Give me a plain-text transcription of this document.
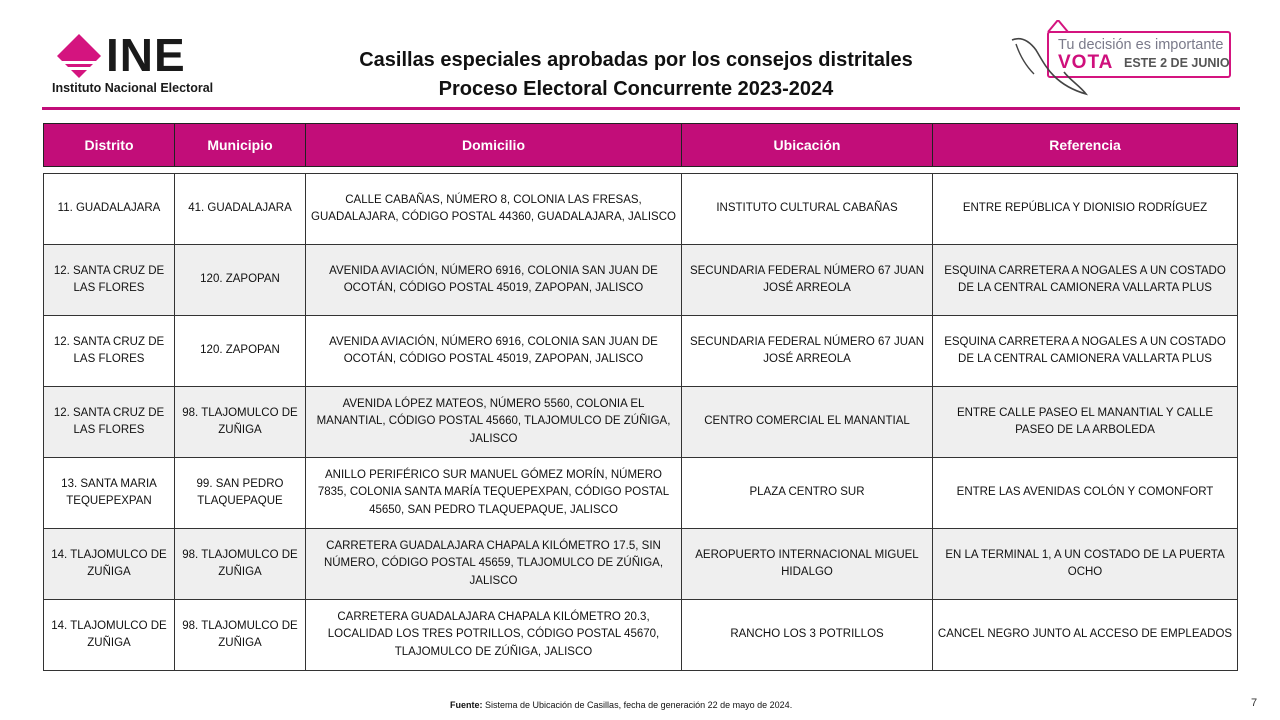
INE
Instituto Nacional Electoral
Casillas especiales aprobadas por los consejos distritales
Proceso Electoral Concurrente 2023-2024
Tu decisión es importante
VOTA ESTE 2 DE JUNIO
Distrito	Municipio	Domicilio	Ubicación	Referencia
11. GUADALAJARA	41. GUADALAJARA	CALLE CABAÑAS, NÚMERO 8, COLONIA LAS FRESAS, GUADALAJARA, CÓDIGO POSTAL 44360, GUADALAJARA, JALISCO	INSTITUTO CULTURAL CABAÑAS	ENTRE REPÚBLICA Y DIONISIO RODRÍGUEZ
12. SANTA CRUZ DE LAS FLORES	120. ZAPOPAN	AVENIDA AVIACIÓN, NÚMERO 6916, COLONIA SAN JUAN DE OCOTÁN, CÓDIGO POSTAL 45019, ZAPOPAN, JALISCO	SECUNDARIA FEDERAL NÚMERO 67 JUAN JOSÉ ARREOLA	ESQUINA CARRETERA A NOGALES A UN COSTADO DE LA CENTRAL CAMIONERA VALLARTA PLUS
12. SANTA CRUZ DE LAS FLORES	120. ZAPOPAN	AVENIDA AVIACIÓN, NÚMERO 6916, COLONIA SAN JUAN DE OCOTÁN, CÓDIGO POSTAL 45019, ZAPOPAN, JALISCO	SECUNDARIA FEDERAL NÚMERO 67 JUAN JOSÉ ARREOLA	ESQUINA CARRETERA A NOGALES A UN COSTADO DE LA CENTRAL CAMIONERA VALLARTA PLUS
12. SANTA CRUZ DE LAS FLORES	98. TLAJOMULCO DE ZUÑIGA	AVENIDA LÓPEZ MATEOS, NÚMERO 5560, COLONIA EL MANANTIAL, CÓDIGO POSTAL 45660, TLAJOMULCO DE ZÚÑIGA, JALISCO	CENTRO COMERCIAL EL MANANTIAL	ENTRE CALLE PASEO EL MANANTIAL Y CALLE PASEO DE LA ARBOLEDA
13. SANTA MARIA TEQUEPEXPAN	99. SAN PEDRO TLAQUEPAQUE	ANILLO PERIFÉRICO SUR MANUEL GÓMEZ MORÍN, NÚMERO 7835, COLONIA SANTA MARÍA TEQUEPEXPAN, CÓDIGO POSTAL 45650, SAN PEDRO TLAQUEPAQUE, JALISCO	PLAZA CENTRO SUR	ENTRE LAS AVENIDAS COLÓN Y COMONFORT
14. TLAJOMULCO DE ZUÑIGA	98. TLAJOMULCO DE ZUÑIGA	CARRETERA GUADALAJARA CHAPALA KILÓMETRO 17.5, SIN NÚMERO, CÓDIGO POSTAL 45659, TLAJOMULCO DE ZÚÑIGA, JALISCO	AEROPUERTO INTERNACIONAL MIGUEL HIDALGO	EN LA TERMINAL 1, A UN COSTADO DE LA PUERTA OCHO
14. TLAJOMULCO DE ZUÑIGA	98. TLAJOMULCO DE ZUÑIGA	CARRETERA GUADALAJARA CHAPALA KILÓMETRO 20.3, LOCALIDAD LOS TRES POTRILLOS, CÓDIGO POSTAL 45670, TLAJOMULCO DE ZÚÑIGA, JALISCO	RANCHO LOS 3 POTRILLOS	CANCEL NEGRO JUNTO AL ACCESO DE EMPLEADOS
Fuente: Sistema de Ubicación de Casillas, fecha de generación 22 de mayo de 2024.	7
